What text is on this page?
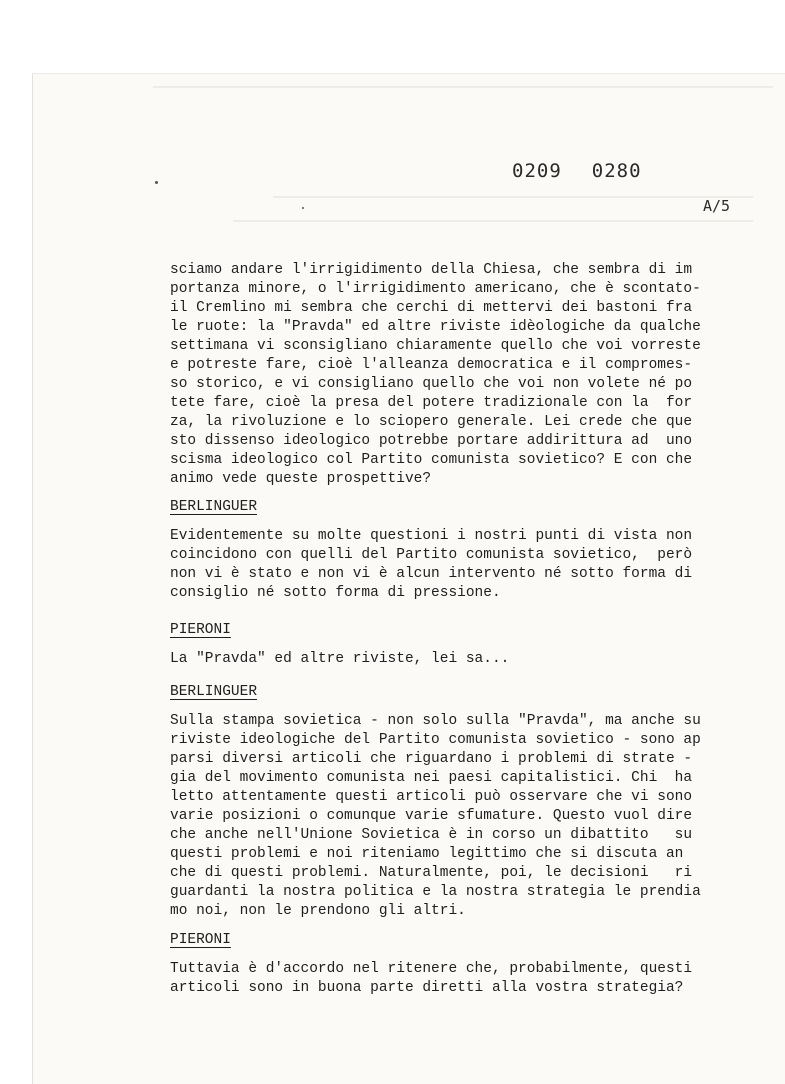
0209 0280
A/5
sciamo andare l'irrigidimento della Chiesa, che sembra di im
portanza minore, o l'irrigidimento americano, che è scontato-
il Cremlino mi sembra che cerchi di mettervi dei bastoni fra
le ruote: la "Pravda" ed altre riviste idèologiche da qualche
settimana vi sconsigliano chiaramente quello che voi vorreste
e potreste fare, cioè l'alleanza democratica e il compromes-
so storico, e vi consigliano quello che voi non volete né po
tete fare, cioè la presa del potere tradizionale con la  for
za, la rivoluzione e lo sciopero generale. Lei crede che que
sto dissenso ideologico potrebbe portare addirittura ad  uno
scisma ideologico col Partito comunista sovietico? E con che
animo vede queste prospettive?
BERLINGUER
Evidentemente su molte questioni i nostri punti di vista non
coincidono con quelli del Partito comunista sovietico,  però
non vi è stato e non vi è alcun intervento né sotto forma di
consiglio né sotto forma di pressione.
PIERONI
La "Pravda" ed altre riviste, lei sa...
BERLINGUER
Sulla stampa sovietica - non solo sulla "Pravda", ma anche su
riviste ideologiche del Partito comunista sovietico - sono ap
parsi diversi articoli che riguardano i problemi di strate -
gia del movimento comunista nei paesi capitalistici. Chi  ha
letto attentamente questi articoli può osservare che vi sono
varie posizioni o comunque varie sfumature. Questo vuol dire
che anche nell'Unione Sovietica è in corso un dibattito   su
questi problemi e noi riteniamo legittimo che si discuta an
che di questi problemi. Naturalmente, poi, le decisioni   ri
guardanti la nostra politica e la nostra strategia le prendia
mo noi, non le prendono gli altri.
PIERONI
Tuttavia è d'accordo nel ritenere che, probabilmente, questi
articoli sono in buona parte diretti alla vostra strategia?
